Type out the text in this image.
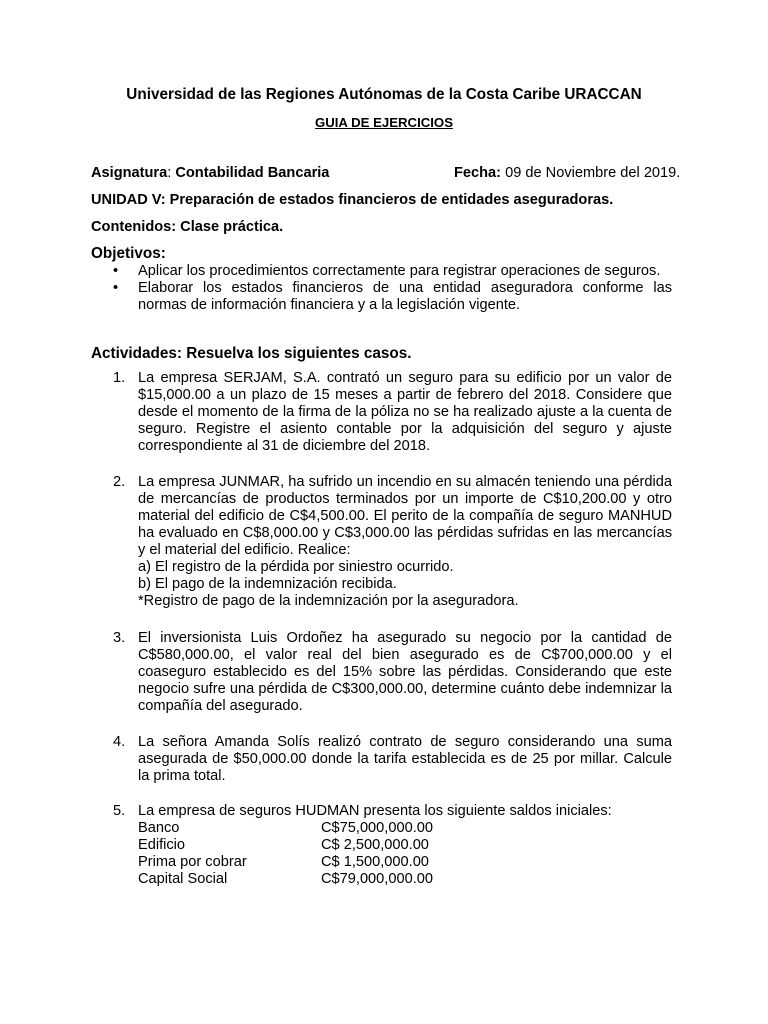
Universidad de las Regiones Autónomas de la Costa Caribe URACCAN
GUIA DE EJERCICIOS
Asignatura: Contabilidad Bancaria	Fecha: 09 de Noviembre del 2019.
UNIDAD V: Preparación de estados financieros de entidades aseguradoras.
Contenidos: Clase práctica.
Objetivos:
• Aplicar los procedimientos correctamente para registrar operaciones de seguros.
• Elaborar los estados financieros de una entidad aseguradora conforme las normas de información financiera y a la legislación vigente.
Actividades: Resuelva los siguientes casos.
1. La empresa SERJAM, S.A. contrató un seguro para su edificio por un valor de $15,000.00 a un plazo de 15 meses a partir de febrero del 2018. Considere que desde el momento de la firma de la póliza no se ha realizado ajuste a la cuenta de seguro. Registre el asiento contable por la adquisición del seguro y ajuste correspondiente al 31 de diciembre del 2018.
2. La empresa JUNMAR, ha sufrido un incendio en su almacén teniendo una pérdida de mercancías de productos terminados por un importe de C$10,200.00 y otro material del edificio de C$4,500.00. El perito de la compañía de seguro MANHUD ha evaluado en C$8,000.00 y C$3,000.00 las pérdidas sufridas en las mercancías y el material del edificio. Realice:
a) El registro de la pérdida por siniestro ocurrido.
b) El pago de la indemnización recibida.
*Registro de pago de la indemnización por la aseguradora.
3. El inversionista Luis Ordoñez ha asegurado su negocio por la cantidad de C$580,000.00, el valor real del bien asegurado es de C$700,000.00 y el coaseguro establecido es del 15% sobre las pérdidas. Considerando que este negocio sufre una pérdida de C$300,000.00, determine cuánto debe indemnizar la compañía del asegurado.
4. La señora Amanda Solís realizó contrato de seguro considerando una suma asegurada de $50,000.00 donde la tarifa establecida es de 25 por millar. Calcule la prima total.
5. La empresa de seguros HUDMAN presenta los siguiente saldos iniciales:
Banco	C$75,000,000.00
Edificio	C$ 2,500,000.00
Prima por cobrar	C$ 1,500,000.00
Capital Social	C$79,000,000.00
